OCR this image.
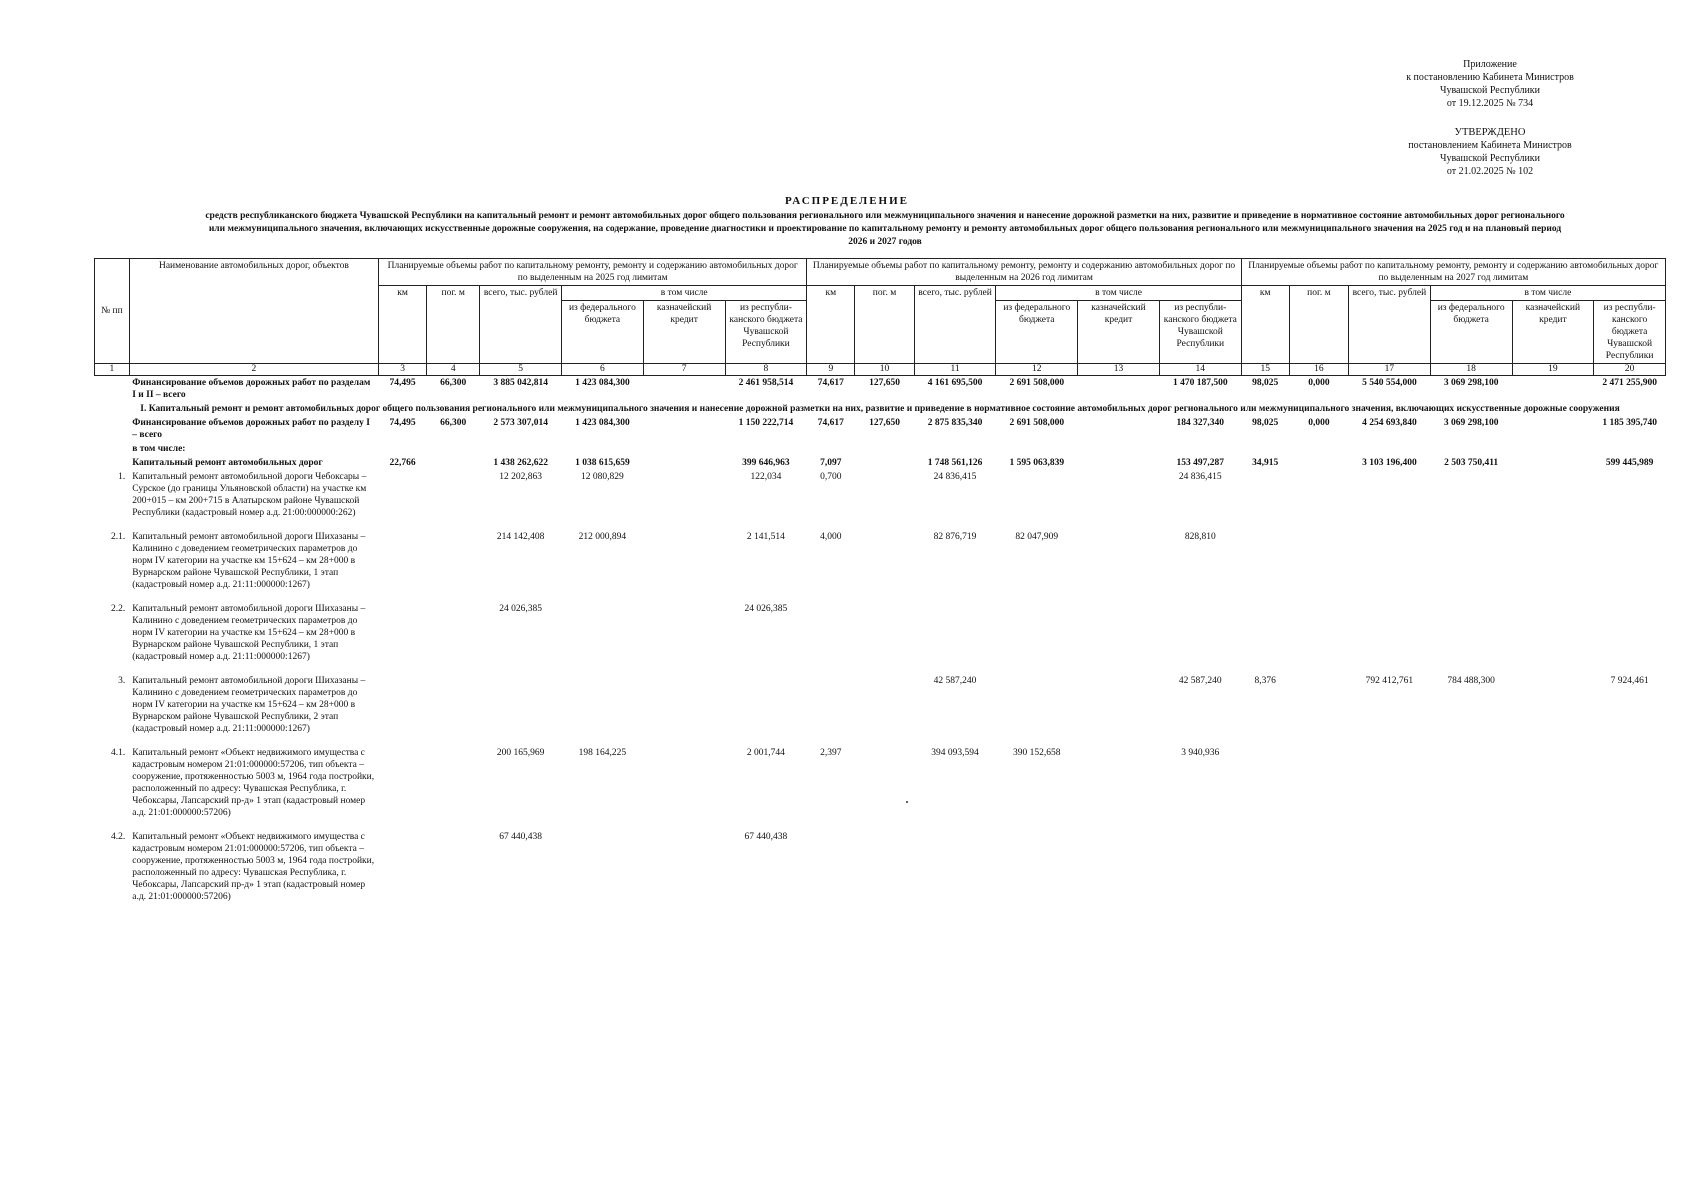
Приложение
к постановлению Кабинета Министров
Чувашской Республики
от 19.12.2025 № 734
УТВЕРЖДЕНО
постановлением Кабинета Министров
Чувашской Республики
от 21.02.2025 № 102
РАСПРЕДЕЛЕНИЕ
средств республиканского бюджета Чувашской Республики на капитальный ремонт и ремонт автомобильных дорог общего пользования регионального или межмуниципального значения и нанесение дорожной разметки на них, развитие и приведение в нормативное состояние автомобильных дорог регионального или межмуниципального значения, включающих искусственные дорожные сооружения, на содержание, проведение диагностики и проектирование по капитальному ремонту и ремонту автомобильных дорог общего пользования регионального или межмуниципального значения на 2025 год и на плановый период 2026 и 2027 годов
№ пп	Наименование автомобильных дорог, объектов	Планируемые объемы работ по капитальному ремонту, ремонту и содержанию автомобильных дорог по выделенным на 2025 год лимитам						Планируемые объемы работ по капитальному ремонту, ремонту и содержанию автомобильных дорог по выделенным на 2026 год лимитам						Планируемые объемы работ по капитальному ремонту, ремонту и содержанию автомобильных дорог по выделенным на 2027 год лимитам					
		км	пог. м	всего, тыс. рублей	в том числе			км	пог. м	всего, тыс. рублей	в том числе			км	пог. м	всего, тыс. рублей	в том числе		
					из федерального бюджета	казначейский кредит	из республи-канского бюджета Чувашской Республики				из федерального бюджета	казначейский кредит	из республи-канского бюджета Чувашской Республики				из федерального бюджета	казначейский кредит	из республи-канского бюджета Чувашской Республики
1	2	3	4	5	6	7	8	9	10	11	12	13	14	15	16	17	18	19	20
	Финансирование объемов дорожных работ по разделам I и II – всего	74,495	66,300	3 885 042,814	1 423 084,300		2 461 958,514	74,617	127,650	4 161 695,500	2 691 508,000		1 470 187,500	98,025	0,000	5 540 554,000	3 069 298,100		2 471 255,900
I. Капитальный ремонт и ремонт автомобильных дорог общего пользования регионального или межмуниципального значения и нанесение дорожной разметки на них, развитие и приведение в нормативное состояние автомобильных дорог регионального или межмуниципального значения, включающих искусственные дорожные сооружения																			
	Финансирование объемов дорожных работ по разделу I – всего	74,495	66,300	2 573 307,014	1 423 084,300		1 150 222,714	74,617	127,650	2 875 835,340	2 691 508,000		184 327,340	98,025	0,000	4 254 693,840	3 069 298,100		1 185 395,740
	в том числе:																		
	Капитальный ремонт автомобильных дорог	22,766		1 438 262,622	1 038 615,659		399 646,963	7,097		1 748 561,126	1 595 063,839		153 497,287	34,915		3 103 196,400	2 503 750,411		599 445,989
1.	Капитальный ремонт автомобильной дороги Чебоксары – Сурское (до границы Ульяновской области) на участке км 200+015 – км 200+715 в Алатырском районе Чувашской Республики (кадастровый номер а.д. 21:00:000000:262)			12 202,863	12 080,829		122,034	0,700		24 836,415			24 836,415						

2.1.	Капитальный ремонт автомобильной дороги Шихазаны – Калинино с доведением геометрических параметров до норм IV категории на участке км 15+624 – км 28+000 в Вурнарском районе Чувашской Республики, 1 этап (кадастровый номер а.д. 21:11:000000:1267)			214 142,408	212 000,894		2 141,514	4,000		82 876,719	82 047,909		828,810						

2.2.	Капитальный ремонт автомобильной дороги Шихазаны – Калинино с доведением геометрических параметров до норм IV категории на участке км 15+624 – км 28+000 в Вурнарском районе Чувашской Республики, 1 этап (кадастровый номер а.д. 21:11:000000:1267)			24 026,385			24 026,385												

3.	Капитальный ремонт автомобильной дороги Шихазаны – Калинино с доведением геометрических параметров до норм IV категории на участке км 15+624 – км 28+000 в Вурнарском районе Чувашской Республики, 2 этап (кадастровый номер а.д. 21:11:000000:1267)									42 587,240			42 587,240	8,376		792 412,761	784 488,300		7 924,461

4.1.	Капитальный ремонт «Объект недвижимого имущества с кадастровым номером 21:01:000000:57206, тип объекта – сооружение, протяженностью 5003 м, 1964 года постройки, расположенный по адресу: Чувашская Республика, г. Чебоксары, Лапсарский пр-д» 1 этап (кадастровый номер а.д. 21:01:000000:57206)			200 165,969	198 164,225		2 001,744	2,397		394 093,594	390 152,658		3 940,936						

4.2.	Капитальный ремонт «Объект недвижимого имущества с кадастровым номером 21:01:000000:57206, тип объекта – сооружение, протяженностью 5003 м, 1964 года постройки, расположенный по адресу: Чувашская Республика, г. Чебоксары, Лапсарский пр-д» 1 этап (кадастровый номер а.д. 21:01:000000:57206)			67 440,438			67 440,438												
